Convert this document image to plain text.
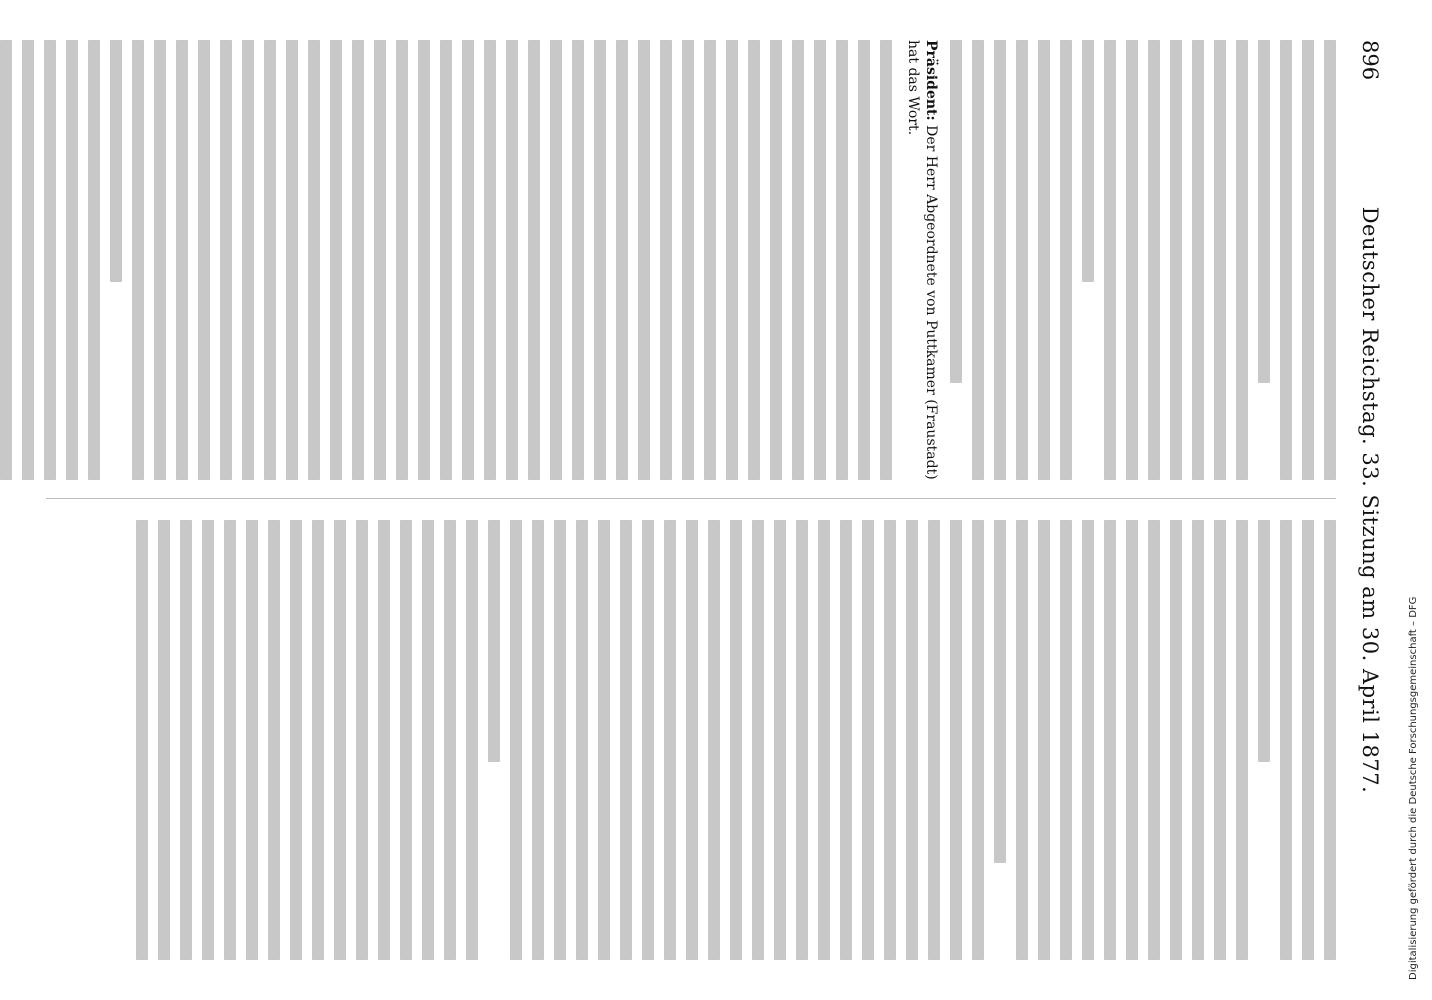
896
Deutscher Reichstag. 33. Sitzung am 30. April 1877.
Präsident: Der Herr Abgeordnete von Puttkamer (Fraustadt) hat das Wort.
Digitalisierung gefördert durch die Deutsche Forschungsgemeinschaft – DFG
